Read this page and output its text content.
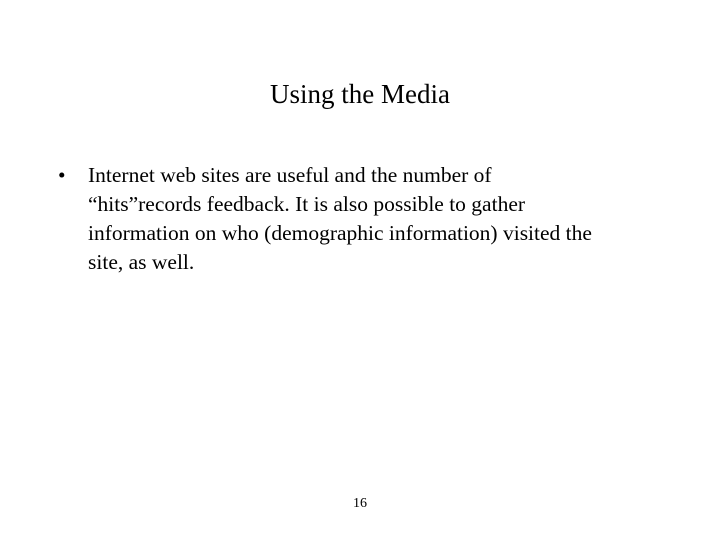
Using the Media
• Internet web sites are useful and the number of
“hits”records feedback. It is also possible to gather
information on who (demographic information) visited the
site, as well.
16
